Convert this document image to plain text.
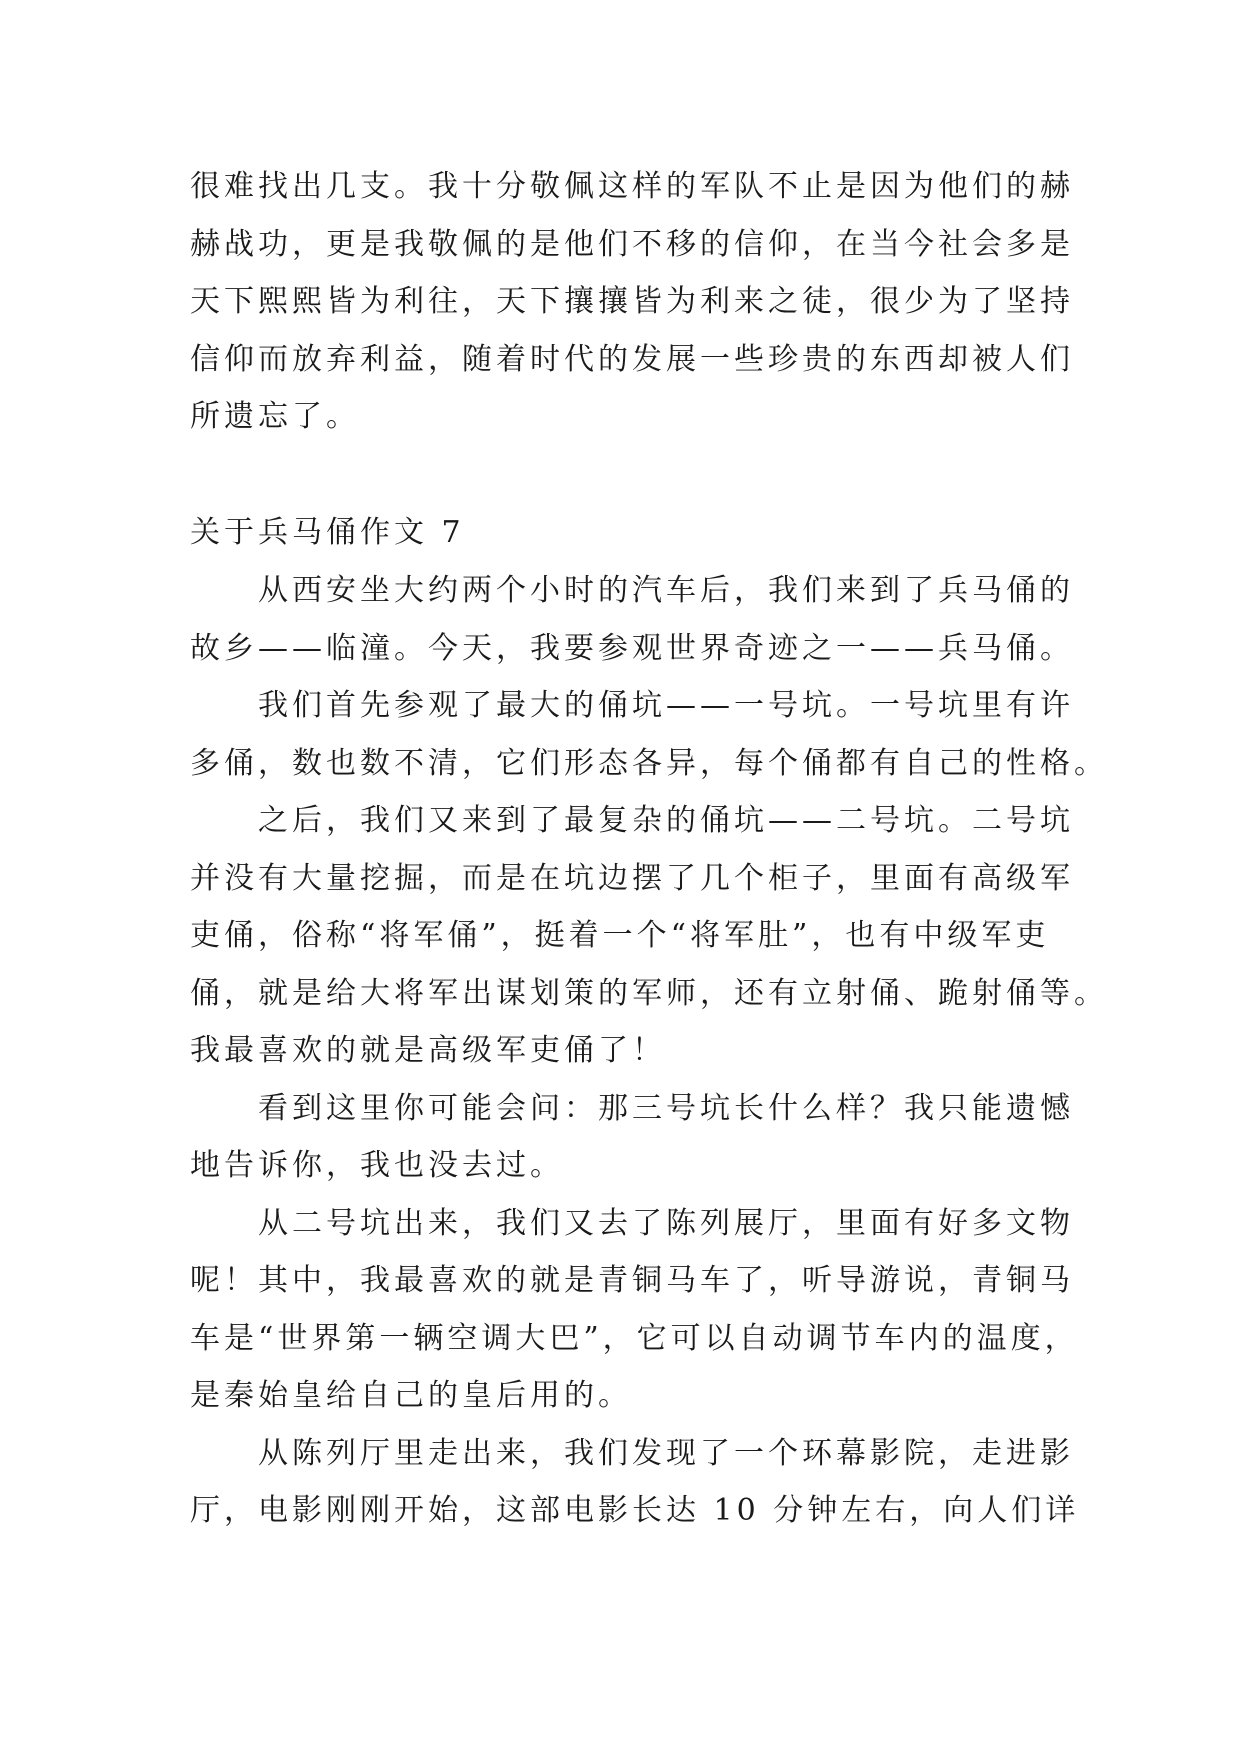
很难找出几支。我十分敬佩这样的军队不止是因为他们的赫
赫战功，更是我敬佩的是他们不移的信仰，在当今社会多是
天下熙熙皆为利往，天下攘攘皆为利来之徒，很少为了坚持
信仰而放弃利益，随着时代的发展一些珍贵的东西却被人们
所遗忘了。
关于兵马俑作文 7
从西安坐大约两个小时的汽车后，我们来到了兵马俑的
故乡——临潼。今天，我要参观世界奇迹之一——兵马俑。
我们首先参观了最大的俑坑——一号坑。一号坑里有许
多俑，数也数不清，它们形态各异，每个俑都有自己的性格。
之后，我们又来到了最复杂的俑坑——二号坑。二号坑
并没有大量挖掘，而是在坑边摆了几个柜子，里面有高级军
吏俑，俗称“将军俑”，挺着一个“将军肚”，也有中级军吏
俑，就是给大将军出谋划策的军师，还有立射俑、跪射俑等。
我最喜欢的就是高级军吏俑了！
看到这里你可能会问：那三号坑长什么样？我只能遗憾
地告诉你，我也没去过。
从二号坑出来，我们又去了陈列展厅，里面有好多文物
呢！其中，我最喜欢的就是青铜马车了，听导游说，青铜马
车是“世界第一辆空调大巴”，它可以自动调节车内的温度，
是秦始皇给自己的皇后用的。
从陈列厅里走出来，我们发现了一个环幕影院，走进影
厅，电影刚刚开始，这部电影长达 10 分钟左右，向人们详
